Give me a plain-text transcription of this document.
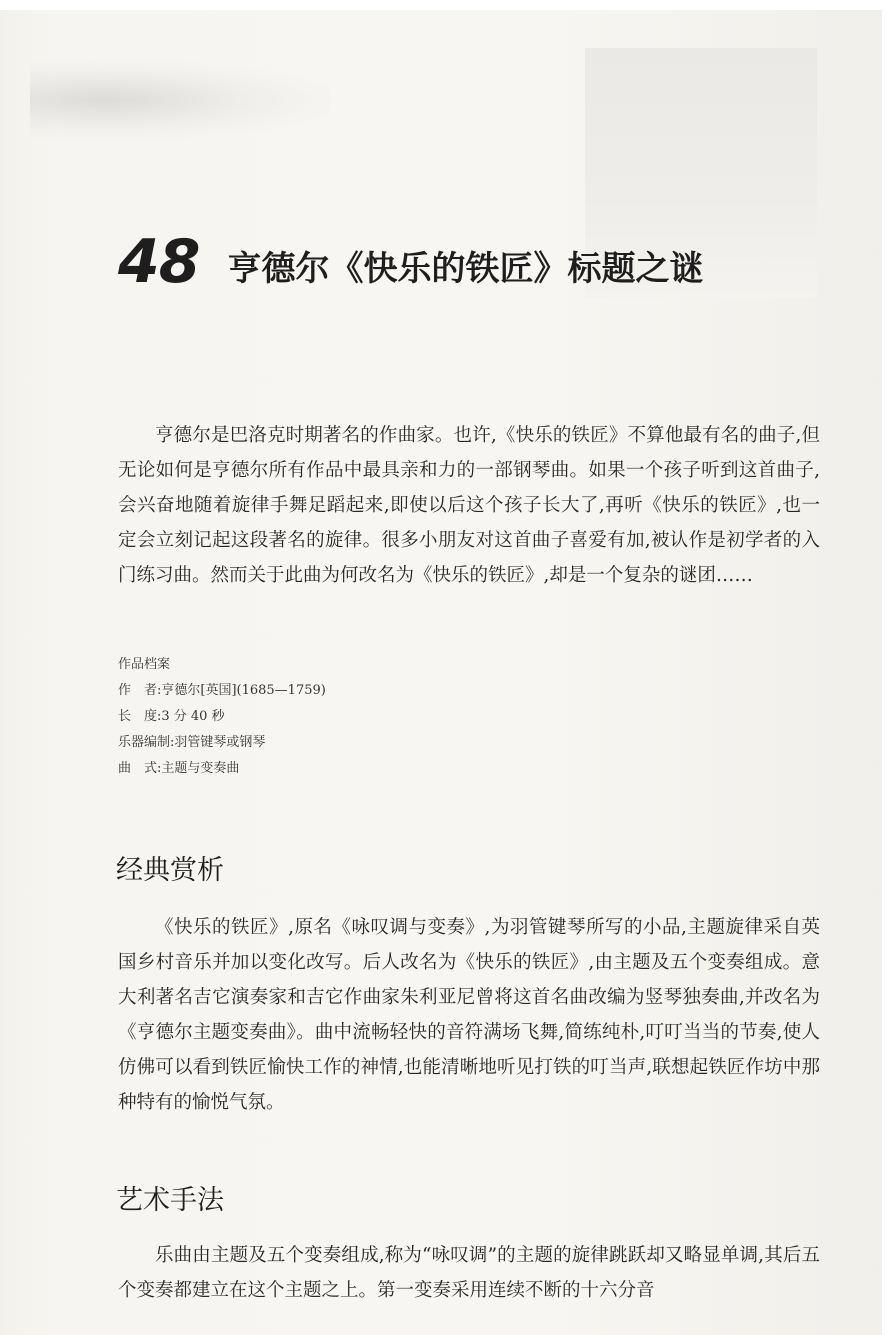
48 亨德尔《快乐的铁匠》标题之谜

亨德尔是巴洛克时期著名的作曲家。也许,《快乐的铁匠》不算他最有名的曲子,但无论如何是亨德尔所有作品中最具亲和力的一部钢琴曲。如果一个孩子听到这首曲子,会兴奋地随着旋律手舞足蹈起来,即使以后这个孩子长大了,再听《快乐的铁匠》,也一定会立刻记起这段著名的旋律。很多小朋友对这首曲子喜爱有加,被认作是初学者的入门练习曲。然而关于此曲为何改名为《快乐的铁匠》,却是一个复杂的谜团……

作品档案
作　者:亨德尔[英国](1685—1759)
长　度:3 分 40 秒
乐器编制:羽管键琴或钢琴
曲　式:主题与变奏曲
经典赏析

《快乐的铁匠》,原名《咏叹调与变奏》,为羽管键琴所写的小品,主题旋律采自英国乡村音乐并加以变化改写。后人改名为《快乐的铁匠》,由主题及五个变奏组成。意大利著名吉它演奏家和吉它作曲家朱利亚尼曾将这首名曲改编为竖琴独奏曲,并改名为《亨德尔主题变奏曲》。曲中流畅轻快的音符满场飞舞,简练纯朴,叮叮当当的节奏,使人仿佛可以看到铁匠愉快工作的神情,也能清晰地听见打铁的叮当声,联想起铁匠作坊中那种特有的愉悦气氛。

艺术手法

乐曲由主题及五个变奏组成,称为“咏叹调”的主题的旋律跳跃却又略显单调,其后五个变奏都建立在这个主题之上。第一变奏采用连续不断的十六分音
